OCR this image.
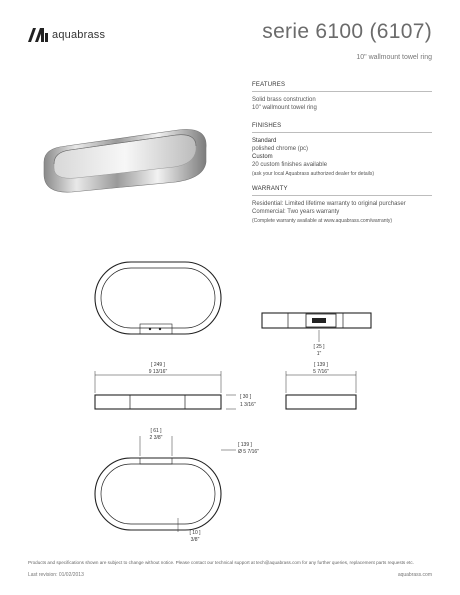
aquabrass	serie 6100 (6107)
10" wallmount towel ring
FEATURES
Solid brass construction
10" wallmount towel ring
FINISHES
Standard
polished chrome (pc)
Custom
20 custom finishes available
(ask your local Aquabrass authorized dealer for details)
WARRANTY
Residential: Limited lifetime warranty to original purchaser
Commercial: Two years warranty
(Complete warranty available at www.aquabrass.com/warranty)
[ 25 ]
1"
[ 249 ]
9 13/16"
[ 30 ]
1 3/16"
[ 139 ]
5 7/16"
[ 61 ]
2 3/8"
[ 139 ]
Ø 5 7/16"
[ 10 ]
3/8"
Products and specifications shown are subject to change without notice. Please contact our technical support at tech@aquabrass.com for any further queries, replacement parts requests etc.
Last revision: 01/02/2013	aquabrass.com
